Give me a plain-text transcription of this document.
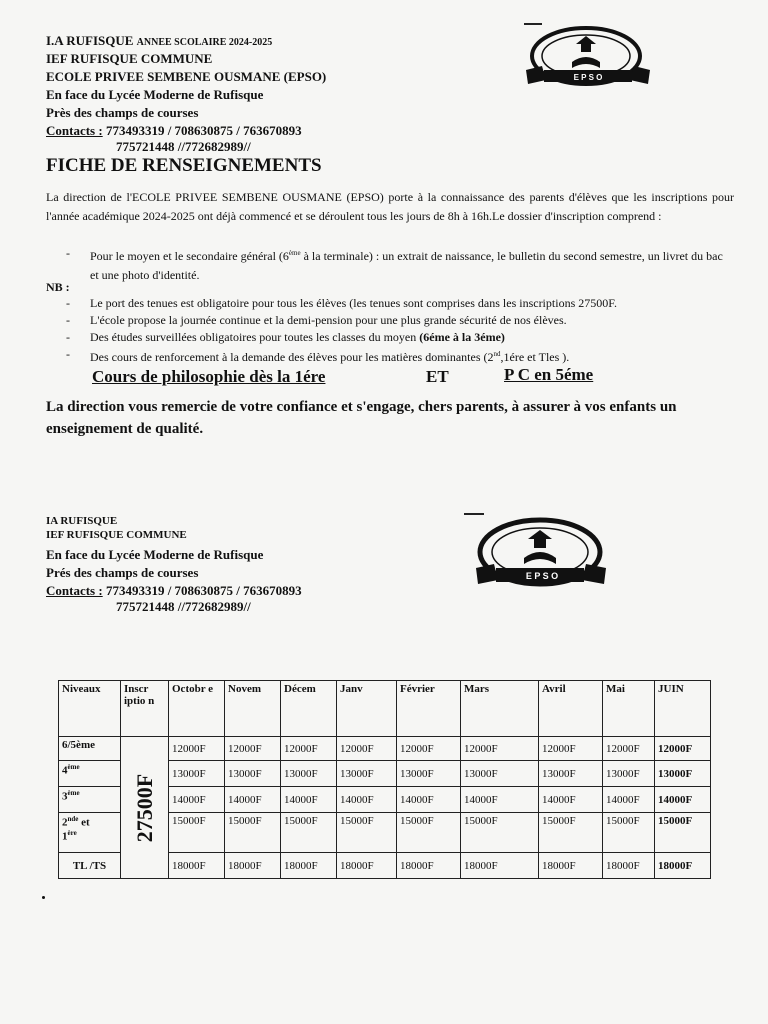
I.A RUFISQUE ANNEE SCOLAIRE 2024-2025
IEF RUFISQUE COMMUNE
ECOLE PRIVEE SEMBENE OUSMANE (EPSO)
En face du Lycée Moderne de Rufisque
Près des champs de courses
Contacts : 773493319 / 708630875 / 763670893
775721448 //772682989//
E P S O
FICHE DE RENSEIGNEMENTS
La direction de l'ECOLE PRIVEE SEMBENE OUSMANE (EPSO) porte à la connaissance des parents d'élèves que les inscriptions pour l'année académique 2024-2025 ont déjà commencé et se déroulent tous les jours de 8h à 16h.Le dossier d'inscription comprend :
- Pour le moyen et le secondaire général (6ème à la terminale) : un extrait de naissance, le bulletin du second semestre, un livret du bac et une photo d'identité.
NB :
- Le port des tenues est obligatoire pour tous les élèves (les tenues sont comprises dans les inscriptions 27500F.
- L'école propose la journée continue et la demi-pension pour une plus grande sécurité de nos élèves.
- Des études surveillées obligatoires pour toutes les classes du moyen (6éme à la 3éme)
- Des cours de renforcement à la demande des élèves pour les matières dominantes (2nd,1ére et Tles ).
Cours de philosophie dès la 1ére	ET	P C en 5éme
La direction vous remercie de votre confiance et s'engage, chers parents, à assurer à vos enfants un enseignement de qualité.
IA RUFISQUE
IEF RUFISQUE COMMUNE
En face du Lycée Moderne de Rufisque
Prés des champs de courses
Contacts : 773493319 / 708630875 / 763670893
775721448 //772682989//
E P S O
Niveaux	Inscr iptio n	Octobr e	Novem	Décem	Janv	Février	Mars	Avril	Mai	JUIN
6/5ème	27500F	12000F	12000F	12000F	12000F	12000F	12000F	12000F	12000F	12000F
4ème		13000F	13000F	13000F	13000F	13000F	13000F	13000F	13000F	13000F
3ème		14000F	14000F	14000F	14000F	14000F	14000F	14000F	14000F	14000F
2nde et
1ère		15000F	15000F	15000F	15000F	15000F	15000F	15000F	15000F	15000F
TL /TS		18000F	18000F	18000F	18000F	18000F	18000F	18000F	18000F	18000F
